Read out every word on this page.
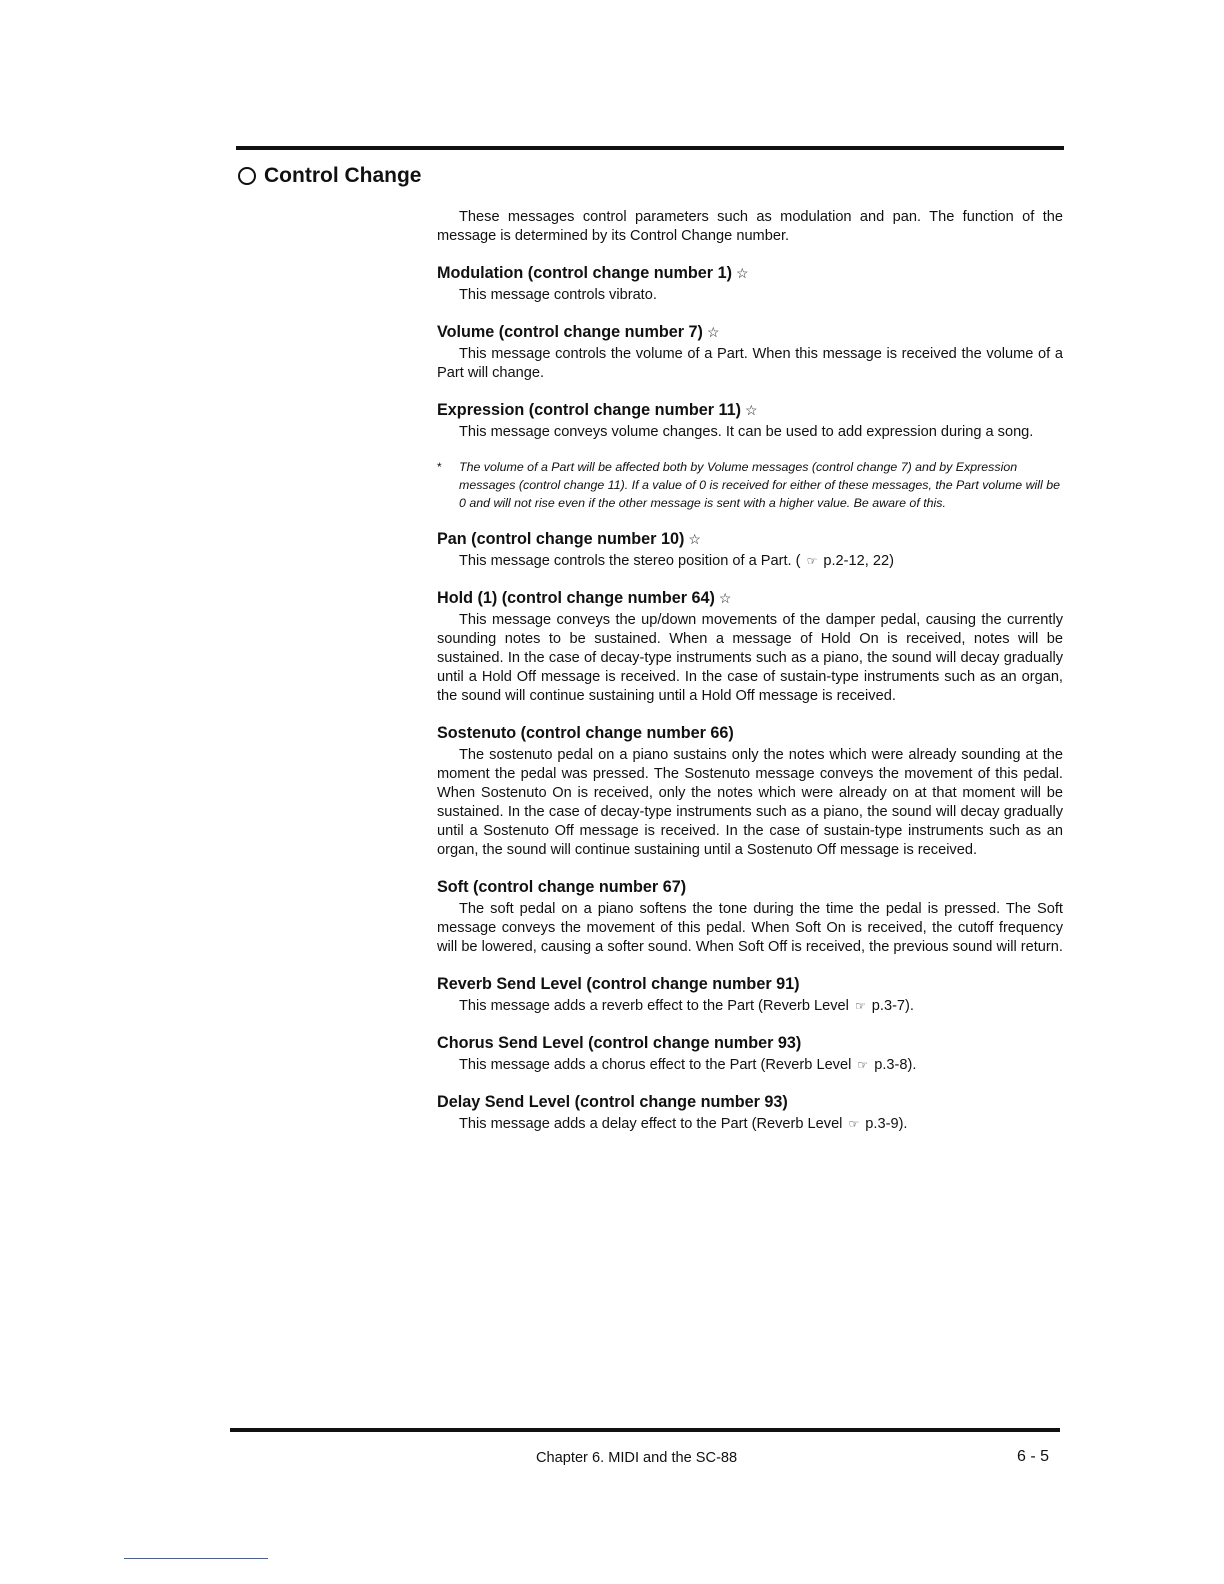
Control Change

These messages control parameters such as modulation and pan. The function of the message is determined by its Control Change number.

Modulation (control change number 1) ☆

This message controls vibrato.

Volume (control change number 7) ☆

This message controls the volume of a Part. When this message is received the volume of a Part will change.

Expression (control change number 11) ☆

This message conveys volume changes. It can be used to add expression during a song.

* The volume of a Part will be affected both by Volume messages (control change 7) and by Expression messages (control change 11). If a value of 0 is received for either of these messages, the Part volume will be 0 and will not rise even if the other message is sent with a higher value. Be aware of this.

Pan (control change number 10) ☆

This message controls the stereo position of a Part. ( ☞ p.2-12, 22)

Hold (1) (control change number 64) ☆

This message conveys the up/down movements of the damper pedal, causing the currently sounding notes to be sustained. When a message of Hold On is received, notes will be sustained. In the case of decay-type instruments such as a piano, the sound will decay gradually until a Hold Off message is received. In the case of sustain-type instruments such as an organ, the sound will continue sustaining until a Hold Off message is received.

Sostenuto (control change number 66)

The sostenuto pedal on a piano sustains only the notes which were already sounding at the moment the pedal was pressed. The Sostenuto message conveys the movement of this pedal. When Sostenuto On is received, only the notes which were already on at that moment will be sustained. In the case of decay-type instruments such as a piano, the sound will decay gradually until a Sostenuto Off message is received. In the case of sustain-type instruments such as an organ, the sound will continue sustaining until a Sostenuto Off message is received.

Soft (control change number 67)

The soft pedal on a piano softens the tone during the time the pedal is pressed. The Soft message conveys the movement of this pedal. When Soft On is received, the cutoff frequency will be lowered, causing a softer sound. When Soft Off is received, the previous sound will return.

Reverb Send Level (control change number 91)

This message adds a reverb effect to the Part (Reverb Level ☞ p.3-7).

Chorus Send Level (control change number 93)

This message adds a chorus effect to the Part (Reverb Level ☞ p.3-8).

Delay Send Level (control change number 93)

This message adds a delay effect to the Part (Reverb Level ☞ p.3-9).

Chapter 6. MIDI and the SC-88	6 - 5
